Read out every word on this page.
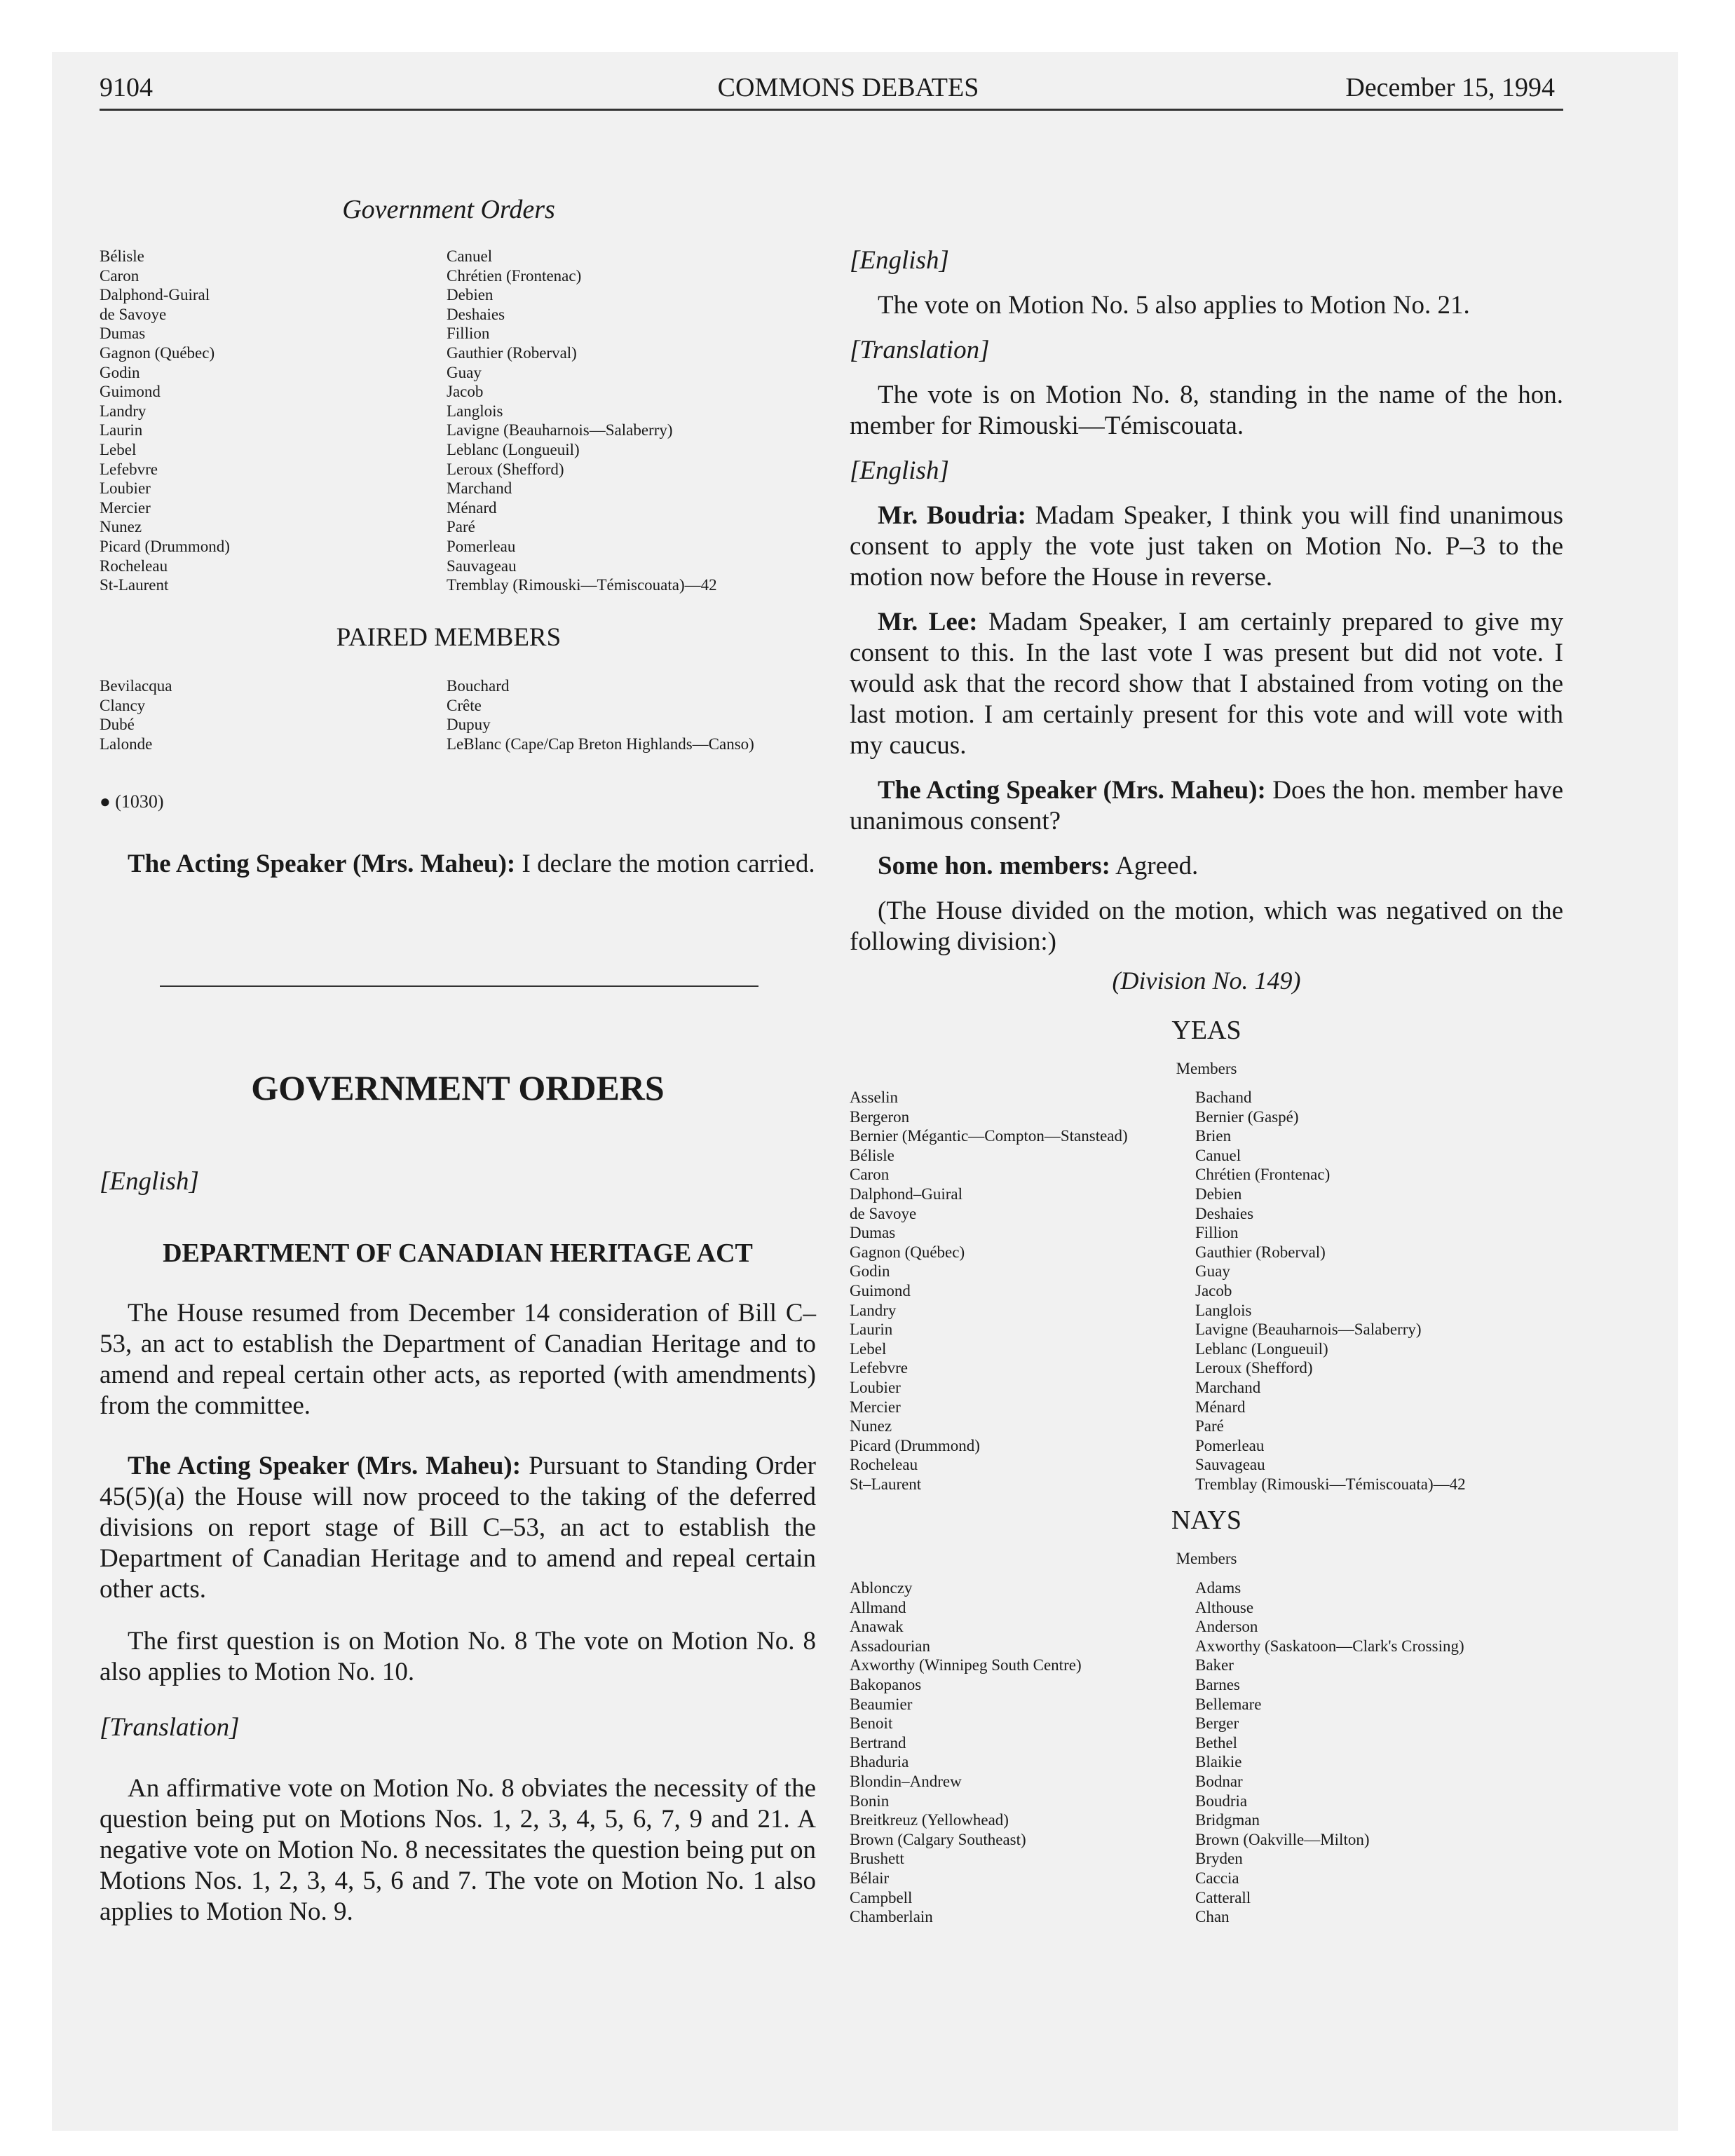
9104	COMMONS DEBATES	December 15, 1994
Government Orders
Bélisle
Caron
Dalphond-Guiral
de Savoye
Dumas
Gagnon (Québec)
Godin
Guimond
Landry
Laurin
Lebel
Lefebvre
Loubier
Mercier
Nunez
Picard (Drummond)
Rocheleau
St-Laurent
Canuel
Chrétien (Frontenac)
Debien
Deshaies
Fillion
Gauthier (Roberval)
Guay
Jacob
Langlois
Lavigne (Beauharnois—Salaberry)
Leblanc (Longueuil)
Leroux (Shefford)
Marchand
Ménard
Paré
Pomerleau
Sauvageau
Tremblay (Rimouski—Témiscouata)—42
PAIRED MEMBERS
Bevilacqua
Clancy
Dubé
Lalonde
Bouchard
Crête
Dupuy
LeBlanc (Cape/Cap Breton Highlands—Canso)
● (1030)

The Acting Speaker (Mrs. Maheu): I declare the motion carried.

GOVERNMENT ORDERS
[English]
DEPARTMENT OF CANADIAN HERITAGE ACT

The House resumed from December 14 consideration of Bill C–53, an act to establish the Department of Canadian Heritage and to amend and repeal certain other acts, as reported (with amendments) from the committee.

The Acting Speaker (Mrs. Maheu): Pursuant to Standing Order 45(5)(a) the House will now proceed to the taking of the deferred divisions on report stage of Bill C–53, an act to establish the Department of Canadian Heritage and to amend and repeal certain other acts.

The first question is on Motion No. 8 The vote on Motion No. 8 also applies to Motion No. 10.

[Translation]

An affirmative vote on Motion No. 8 obviates the necessity of the question being put on Motions Nos. 1, 2, 3, 4, 5, 6, 7, 9 and 21. A negative vote on Motion No. 8 necessitates the question being put on Motions Nos. 1, 2, 3, 4, 5, 6 and 7. The vote on Motion No. 1 also applies to Motion No. 9.

[English]

The vote on Motion No. 5 also applies to Motion No. 21.

[Translation]

The vote is on Motion No. 8, standing in the name of the hon. member for Rimouski—Témiscouata.

[English]

Mr. Boudria: Madam Speaker, I think you will find unanimous consent to apply the vote just taken on Motion No. P–3 to the motion now before the House in reverse.

Mr. Lee: Madam Speaker, I am certainly prepared to give my consent to this. In the last vote I was present but did not vote. I would ask that the record show that I abstained from voting on the last motion. I am certainly present for this vote and will vote with my caucus.

The Acting Speaker (Mrs. Maheu): Does the hon. member have unanimous consent?

Some hon. members: Agreed.

(The House divided on the motion, which was negatived on the following division:)

(Division No. 149)
YEAS
Members
Asselin
Bergeron
Bernier (Mégantic—Compton—Stanstead)
Bélisle
Caron
Dalphond–Guiral
de Savoye
Dumas
Gagnon (Québec)
Godin
Guimond
Landry
Laurin
Lebel
Lefebvre
Loubier
Mercier
Nunez
Picard (Drummond)
Rocheleau
St–Laurent
Bachand
Bernier (Gaspé)
Brien
Canuel
Chrétien (Frontenac)
Debien
Deshaies
Fillion
Gauthier (Roberval)
Guay
Jacob
Langlois
Lavigne (Beauharnois—Salaberry)
Leblanc (Longueuil)
Leroux (Shefford)
Marchand
Ménard
Paré
Pomerleau
Sauvageau
Tremblay (Rimouski—Témiscouata)—42
NAYS
Members
Ablonczy
Allmand
Anawak
Assadourian
Axworthy (Winnipeg South Centre)
Bakopanos
Beaumier
Benoit
Bertrand
Bhaduria
Blondin–Andrew
Bonin
Breitkreuz (Yellowhead)
Brown (Calgary Southeast)
Brushett
Bélair
Campbell
Chamberlain
Adams
Althouse
Anderson
Axworthy (Saskatoon—Clark's Crossing)
Baker
Barnes
Bellemare
Berger
Bethel
Blaikie
Bodnar
Boudria
Bridgman
Brown (Oakville—Milton)
Bryden
Caccia
Catterall
Chan
